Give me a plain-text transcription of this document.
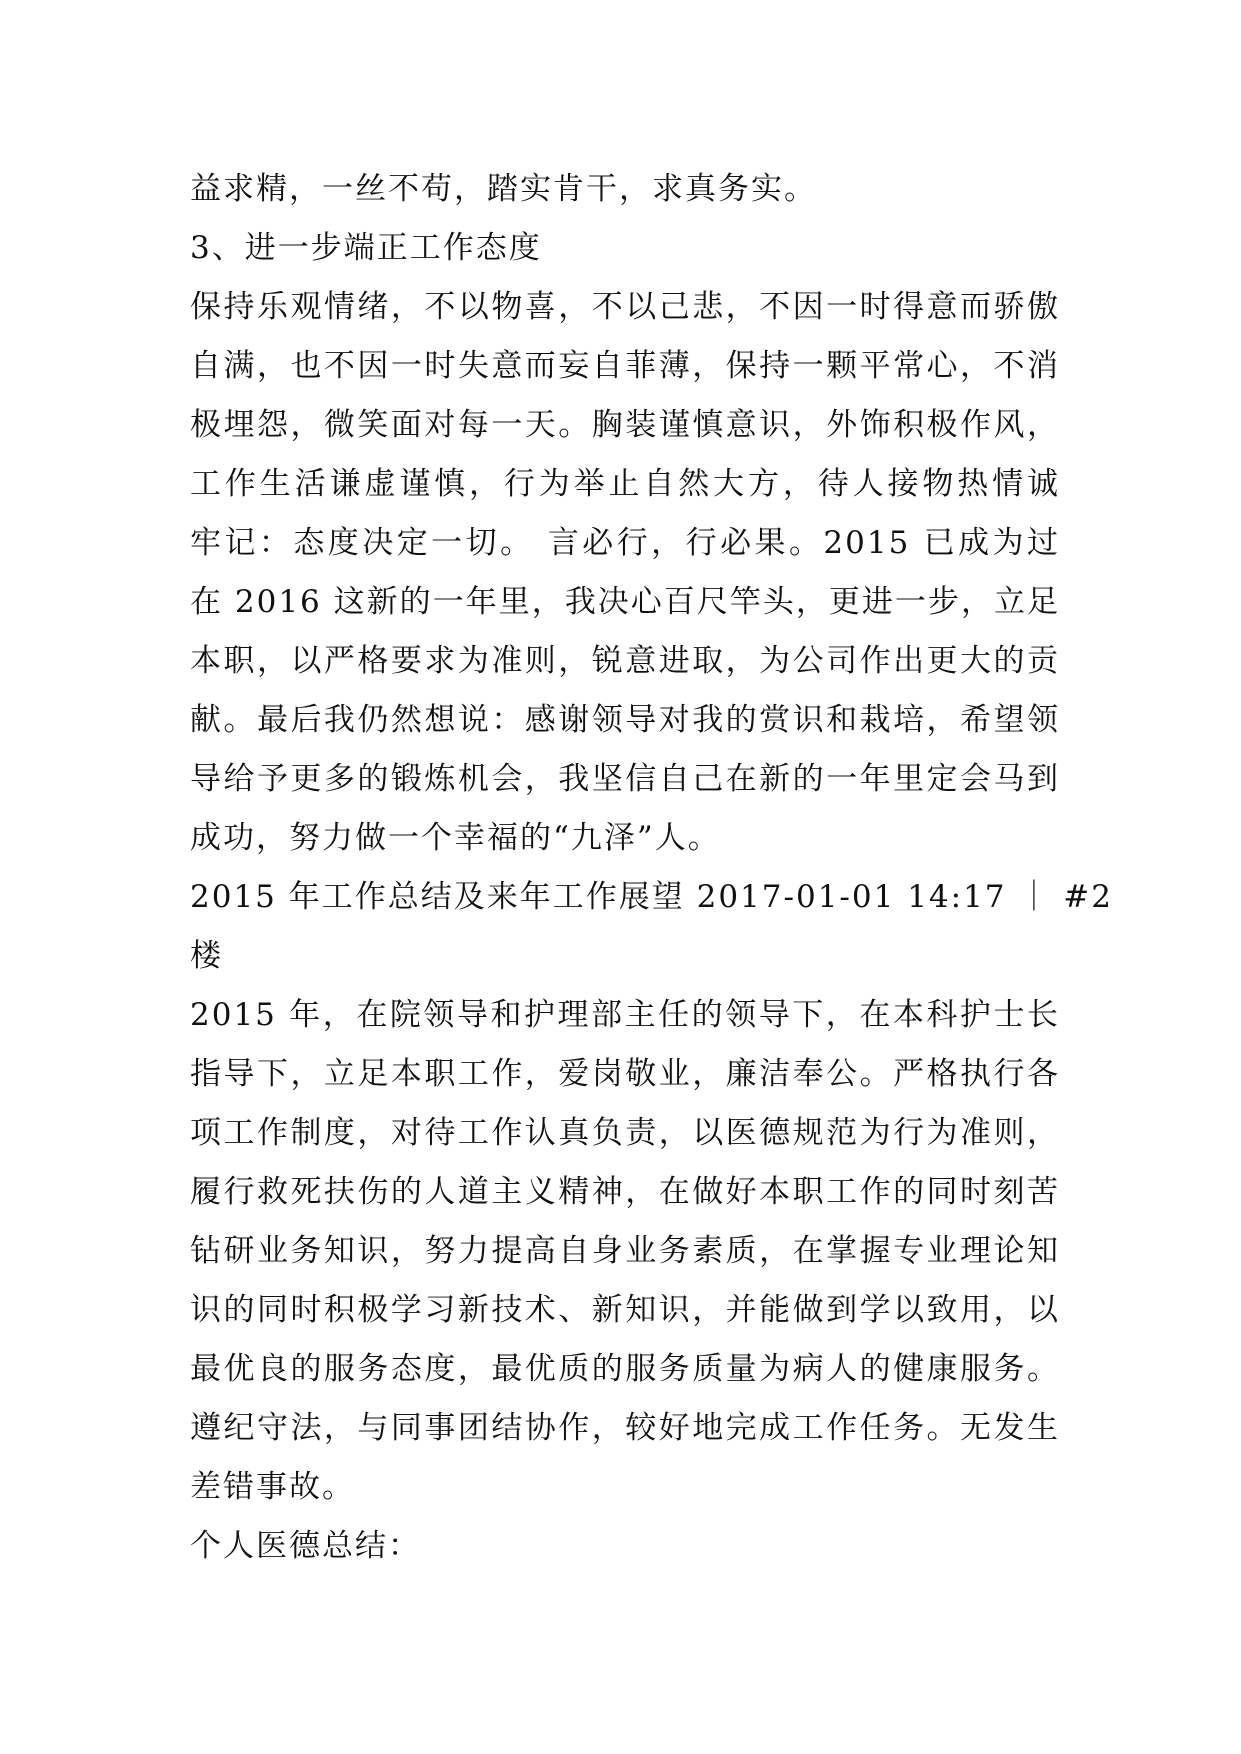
益求精，一丝不苟，踏实肯干，求真务实。
3、进一步端正工作态度
保持乐观情绪，不以物喜，不以己悲，不因一时得意而骄傲
自满，也不因一时失意而妄自菲薄，保持一颗平常心，不消
极埋怨，微笑面对每一天。胸装谨慎意识，外饰积极作风，
工作生活谦虚谨慎，行为举止自然大方，待人接物热情诚
牢记：态度决定一切。 言必行，行必果。2015 已成为过
在 2016 这新的一年里，我决心百尺竿头，更进一步，立足
本职，以严格要求为准则，锐意进取，为公司作出更大的贡
献。最后我仍然想说：感谢领导对我的赏识和栽培，希望领
导给予更多的锻炼机会，我坚信自己在新的一年里定会马到
成功，努力做一个幸福的“九泽”人。
2015 年工作总结及来年工作展望 2017-01-01 14:17 ｜ #2
楼
2015 年，在院领导和护理部主任的领导下，在本科护士长
指导下，立足本职工作，爱岗敬业，廉洁奉公。严格执行各
项工作制度，对待工作认真负责，以医德规范为行为准则，
履行救死扶伤的人道主义精神，在做好本职工作的同时刻苦
钻研业务知识，努力提高自身业务素质，在掌握专业理论知
识的同时积极学习新技术、新知识，并能做到学以致用，以
最优良的服务态度，最优质的服务质量为病人的健康服务。
遵纪守法，与同事团结协作，较好地完成工作任务。无发生
差错事故。
个人医德总结：
